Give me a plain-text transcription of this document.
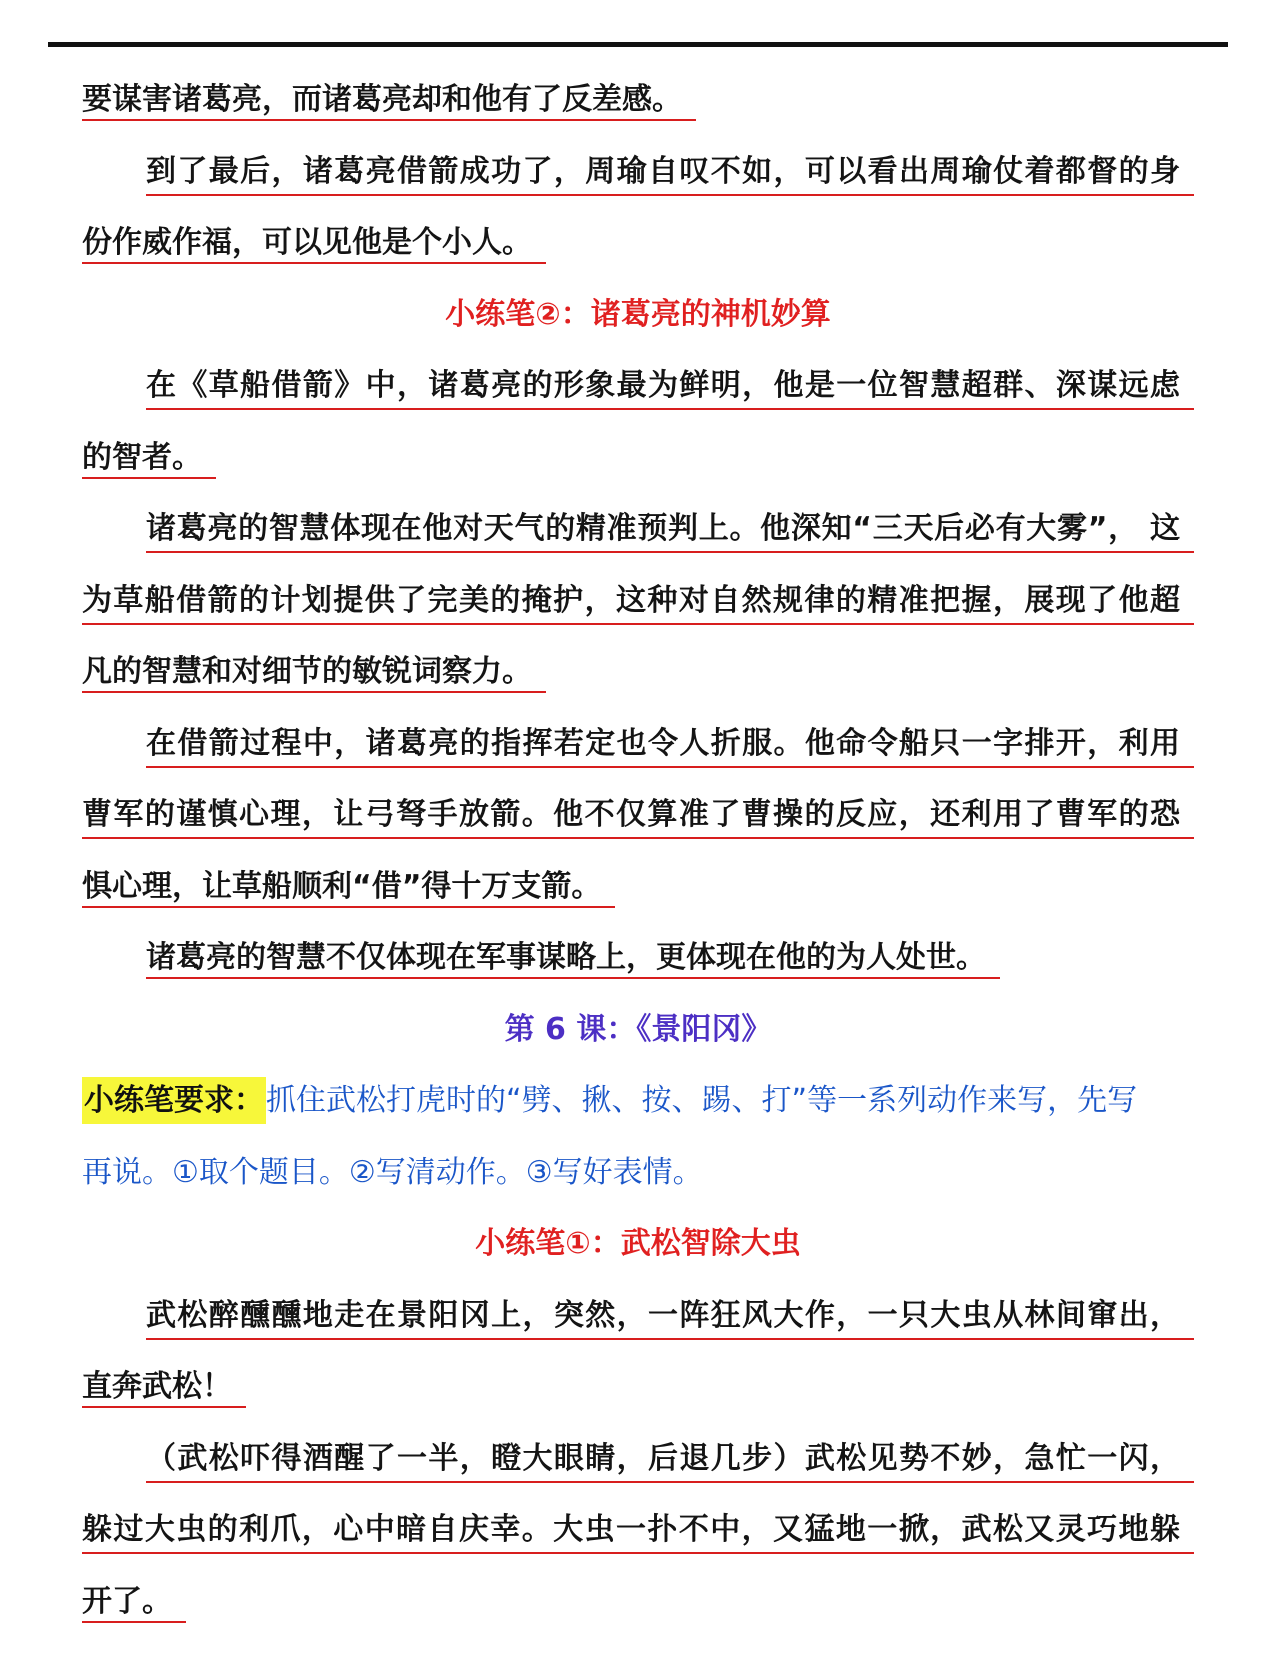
要谋害诸葛亮，而诸葛亮却和他有了反差感。
到了最后，诸葛亮借箭成功了，周瑜自叹不如，可以看出周瑜仗着都督的身
份作威作福，可以见他是个小人。
小练笔②：诸葛亮的神机妙算
在《草船借箭》中，诸葛亮的形象最为鲜明，他是一位智慧超群、深谋远虑
的智者。
诸葛亮的智慧体现在他对天气的精准预判上。他深知“三天后必有大雾”， 这
为草船借箭的计划提供了完美的掩护，这种对自然规律的精准把握，展现了他超
凡的智慧和对细节的敏锐词察力。
在借箭过程中，诸葛亮的指挥若定也令人折服。他命令船只一字排开，利用
曹军的谨慎心理，让弓弩手放箭。他不仅算准了曹操的反应，还利用了曹军的恐
惧心理，让草船顺利“借”得十万支箭。
诸葛亮的智慧不仅体现在军事谋略上，更体现在他的为人处世。
第 6 课：《景阳冈》
小练笔要求：抓住武松打虎时的“劈、揪、按、踢、打”等一系列动作来写，先写
再说。①取个题目。②写清动作。③写好表情。
小练笔①：武松智除大虫
武松醉醺醺地走在景阳冈上，突然，一阵狂风大作，一只大虫从林间窜出，
直奔武松！
（武松吓得酒醒了一半，瞪大眼睛，后退几步）武松见势不妙，急忙一闪，
躲过大虫的利爪，心中暗自庆幸。大虫一扑不中，又猛地一掀，武松又灵巧地躲
开了。
